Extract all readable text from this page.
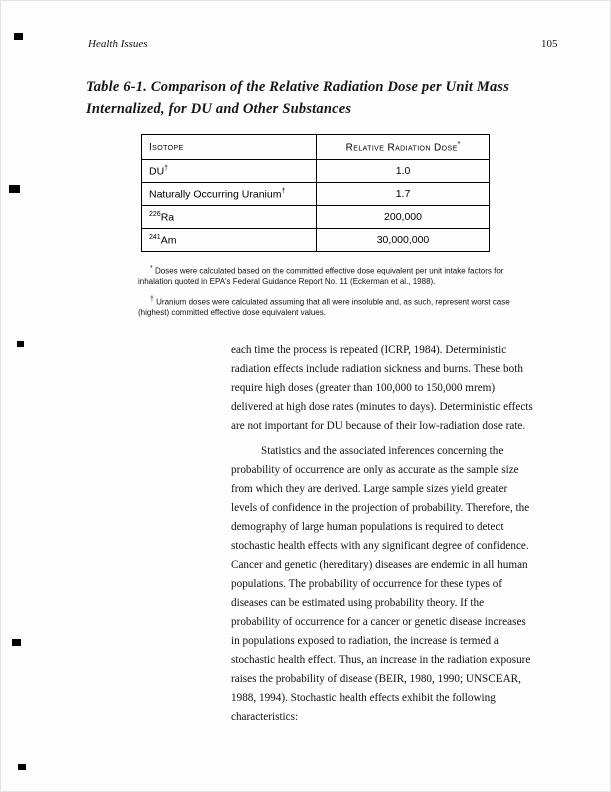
Health Issues	105
Table 6-1. Comparison of the Relative Radiation Dose per Unit Mass
Internalized, for DU and Other Substances
Isotope	Relative Radiation Dose*
DU†	1.0
Naturally Occurring Uranium†	1.7
$^{226}$Ra	200,000
$^{241}$Am	30,000,000

* Doses were calculated based on the committed effective dose equivalent per unit intake factors for inhalation quoted in EPA's Federal Guidance Report No. 11 (Eckerman et al., 1988).

† Uranium doses were calculated assuming that all were insoluble and, as such, represent worst case (highest) committed effective dose equivalent values.

each time the process is repeated (ICRP, 1984). Deterministic radiation effects include radiation sickness and burns. These both require high doses (greater than 100,000 to 150,000 mrem) delivered at high dose rates (minutes to days). Deterministic effects are not important for DU because of their low-radiation dose rate.

Statistics and the associated inferences concerning the probability of occurrence are only as accurate as the sample size from which they are derived. Large sample sizes yield greater levels of confidence in the projection of probability. Therefore, the demography of large human populations is required to detect stochastic health effects with any significant degree of confidence. Cancer and genetic (hereditary) diseases are endemic in all human populations. The probability of occurrence for these types of diseases can be estimated using probability theory. If the probability of occurrence for a cancer or genetic disease increases in populations exposed to radiation, the increase is termed a stochastic health effect. Thus, an increase in the radiation exposure raises the probability of disease (BEIR, 1980, 1990; UNSCEAR, 1988, 1994). Stochastic health effects exhibit the following characteristics:
